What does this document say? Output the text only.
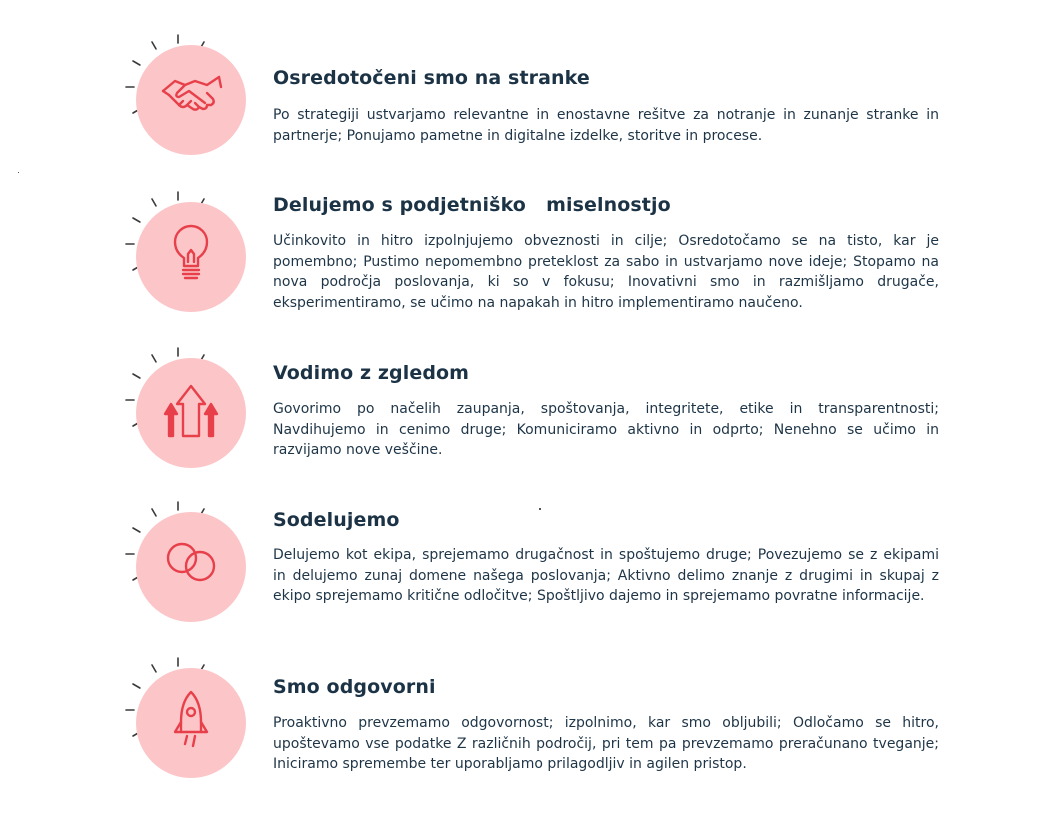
Osredotočeni smo na stranke

Po strategiji ustvarjamo relevantne in enostavne rešitve za notranje in zunanje stranke in partnerje; Ponujamo pametne in digitalne izdelke, storitve in procese.

Delujemo s podjetniško   miselnostjo

Učinkovito in hitro izpolnjujemo obveznosti in cilje; Osredotočamo se na tisto, kar je pomembno; Pustimo nepomembno preteklost za sabo in ustvarjamo nove ideje; Stopamo na nova področja poslovanja, ki so v fokusu; Inovativni smo in razmišljamo drugače, eksperimentiramo, se učimo na napakah in hitro implementiramo naučeno.

Vodimo z zgledom

Govorimo po načelih zaupanja, spoštovanja, integritete, etike in transparentnosti; Navdihujemo in cenimo druge; Komuniciramo aktivno in odprto; Nenehno se učimo in razvijamo nove veščine.

Sodelujemo

Delujemo kot ekipa, sprejemamo drugačnost in spoštujemo druge; Povezujemo se z ekipami in delujemo zunaj domene našega poslovanja; Aktivno delimo znanje z drugimi in skupaj z ekipo sprejemamo kritične odločitve; Spoštljivo dajemo in sprejemamo povratne informacije.

Smo odgovorni

Proaktivno prevzemamo odgovornost; izpolnimo, kar smo obljubili; Odločamo se hitro, upoštevamo vse podatke Z različnih področij, pri tem pa prevzemamo preračunano tveganje; Iniciramo spremembe ter uporabljamo prilagodljiv in agilen pristop.
